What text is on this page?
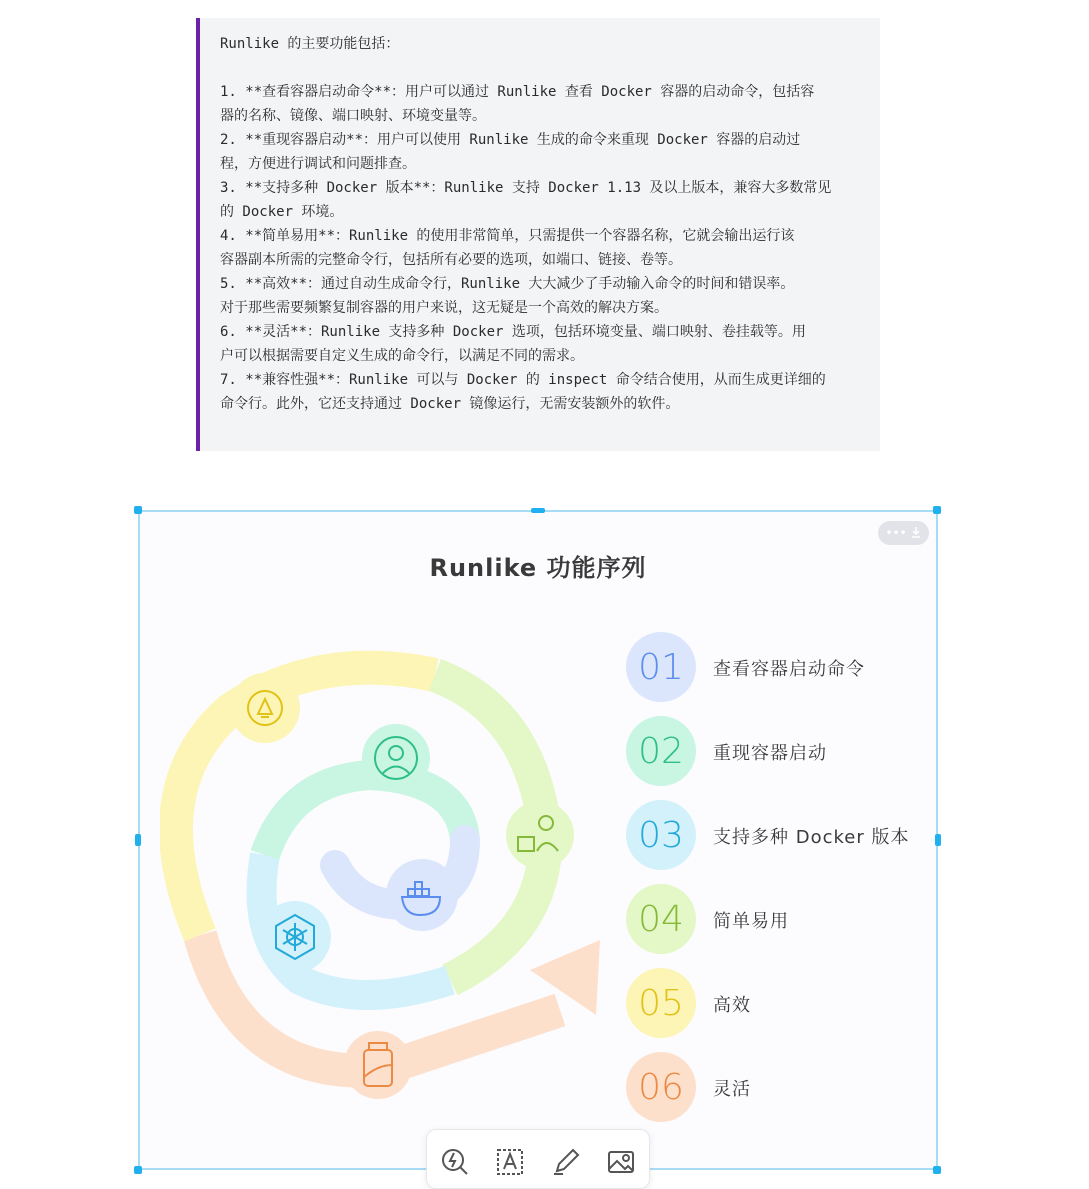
Runlike 的主要功能包括：
1. **查看容器启动命令**：用户可以通过 Runlike 查看 Docker 容器的启动命令，包括容
器的名称、镜像、端口映射、环境变量等。
2. **重现容器启动**：用户可以使用 Runlike 生成的命令来重现 Docker 容器的启动过
程，方便进行调试和问题排查。
3. **支持多种 Docker 版本**：Runlike 支持 Docker 1.13 及以上版本，兼容大多数常见
的 Docker 环境。
4. **简单易用**：Runlike 的使用非常简单，只需提供一个容器名称，它就会输出运行该
容器副本所需的完整命令行，包括所有必要的选项，如端口、链接、卷等。
5. **高效**：通过自动生成命令行，Runlike 大大减少了手动输入命令的时间和错误率。
对于那些需要频繁复制容器的用户来说，这无疑是一个高效的解决方案。
6. **灵活**：Runlike 支持多种 Docker 选项，包括环境变量、端口映射、卷挂载等。用
户可以根据需要自定义生成的命令行，以满足不同的需求。
7. **兼容性强**：Runlike 可以与 Docker 的 inspect 命令结合使用，从而生成更详细的
命令行。此外，它还支持通过 Docker 镜像运行，无需安装额外的软件。
•••
Runlike 功能序列
01	查看容器启动命令
02	重现容器启动
03	支持多种 Docker 版本
04	简单易用
05	高效
06	灵活
